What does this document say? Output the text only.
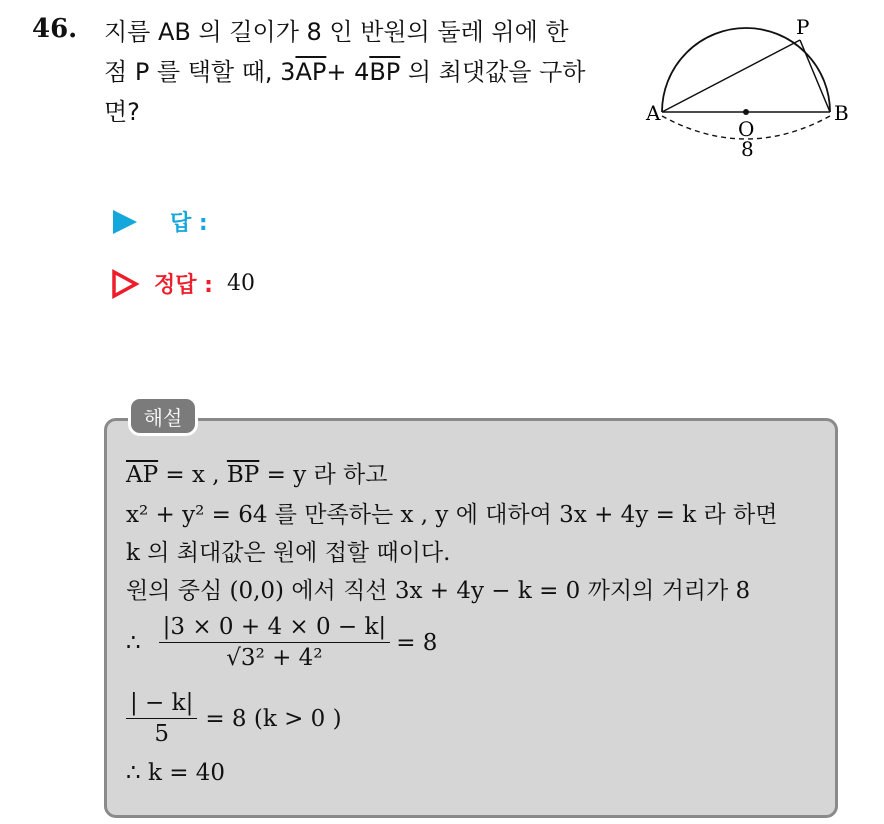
46. 지름 AB 의 길이가 8 인 반원의 둘레 위에 한
점 P 를 택할 때, $3\overline{AP}+ 4\overline{BP}$ 의 최댓값을 구하
면?	A	B
P
O
8
답 :
정답 : 40
해설
$\overline{AP} = x$ , $\overline{BP} = y$ 라 하고
x² + y² = 64 를 만족하는 x , y 에 대하여 3x + 4y = k 라 하면
k 의 최대값은 원에 접할 때이다.
원의 중심 (0,0) 에서 직선 3x + 4y − k = 0 까지의 거리가 8
∴ $\frac{|3 \times 0 + 4 \times 0 - k|}{\text{√3² + 4²}} = 8$
$\frac{| - k|}{5} = 8$ (k > 0 )
∴ k = 40
